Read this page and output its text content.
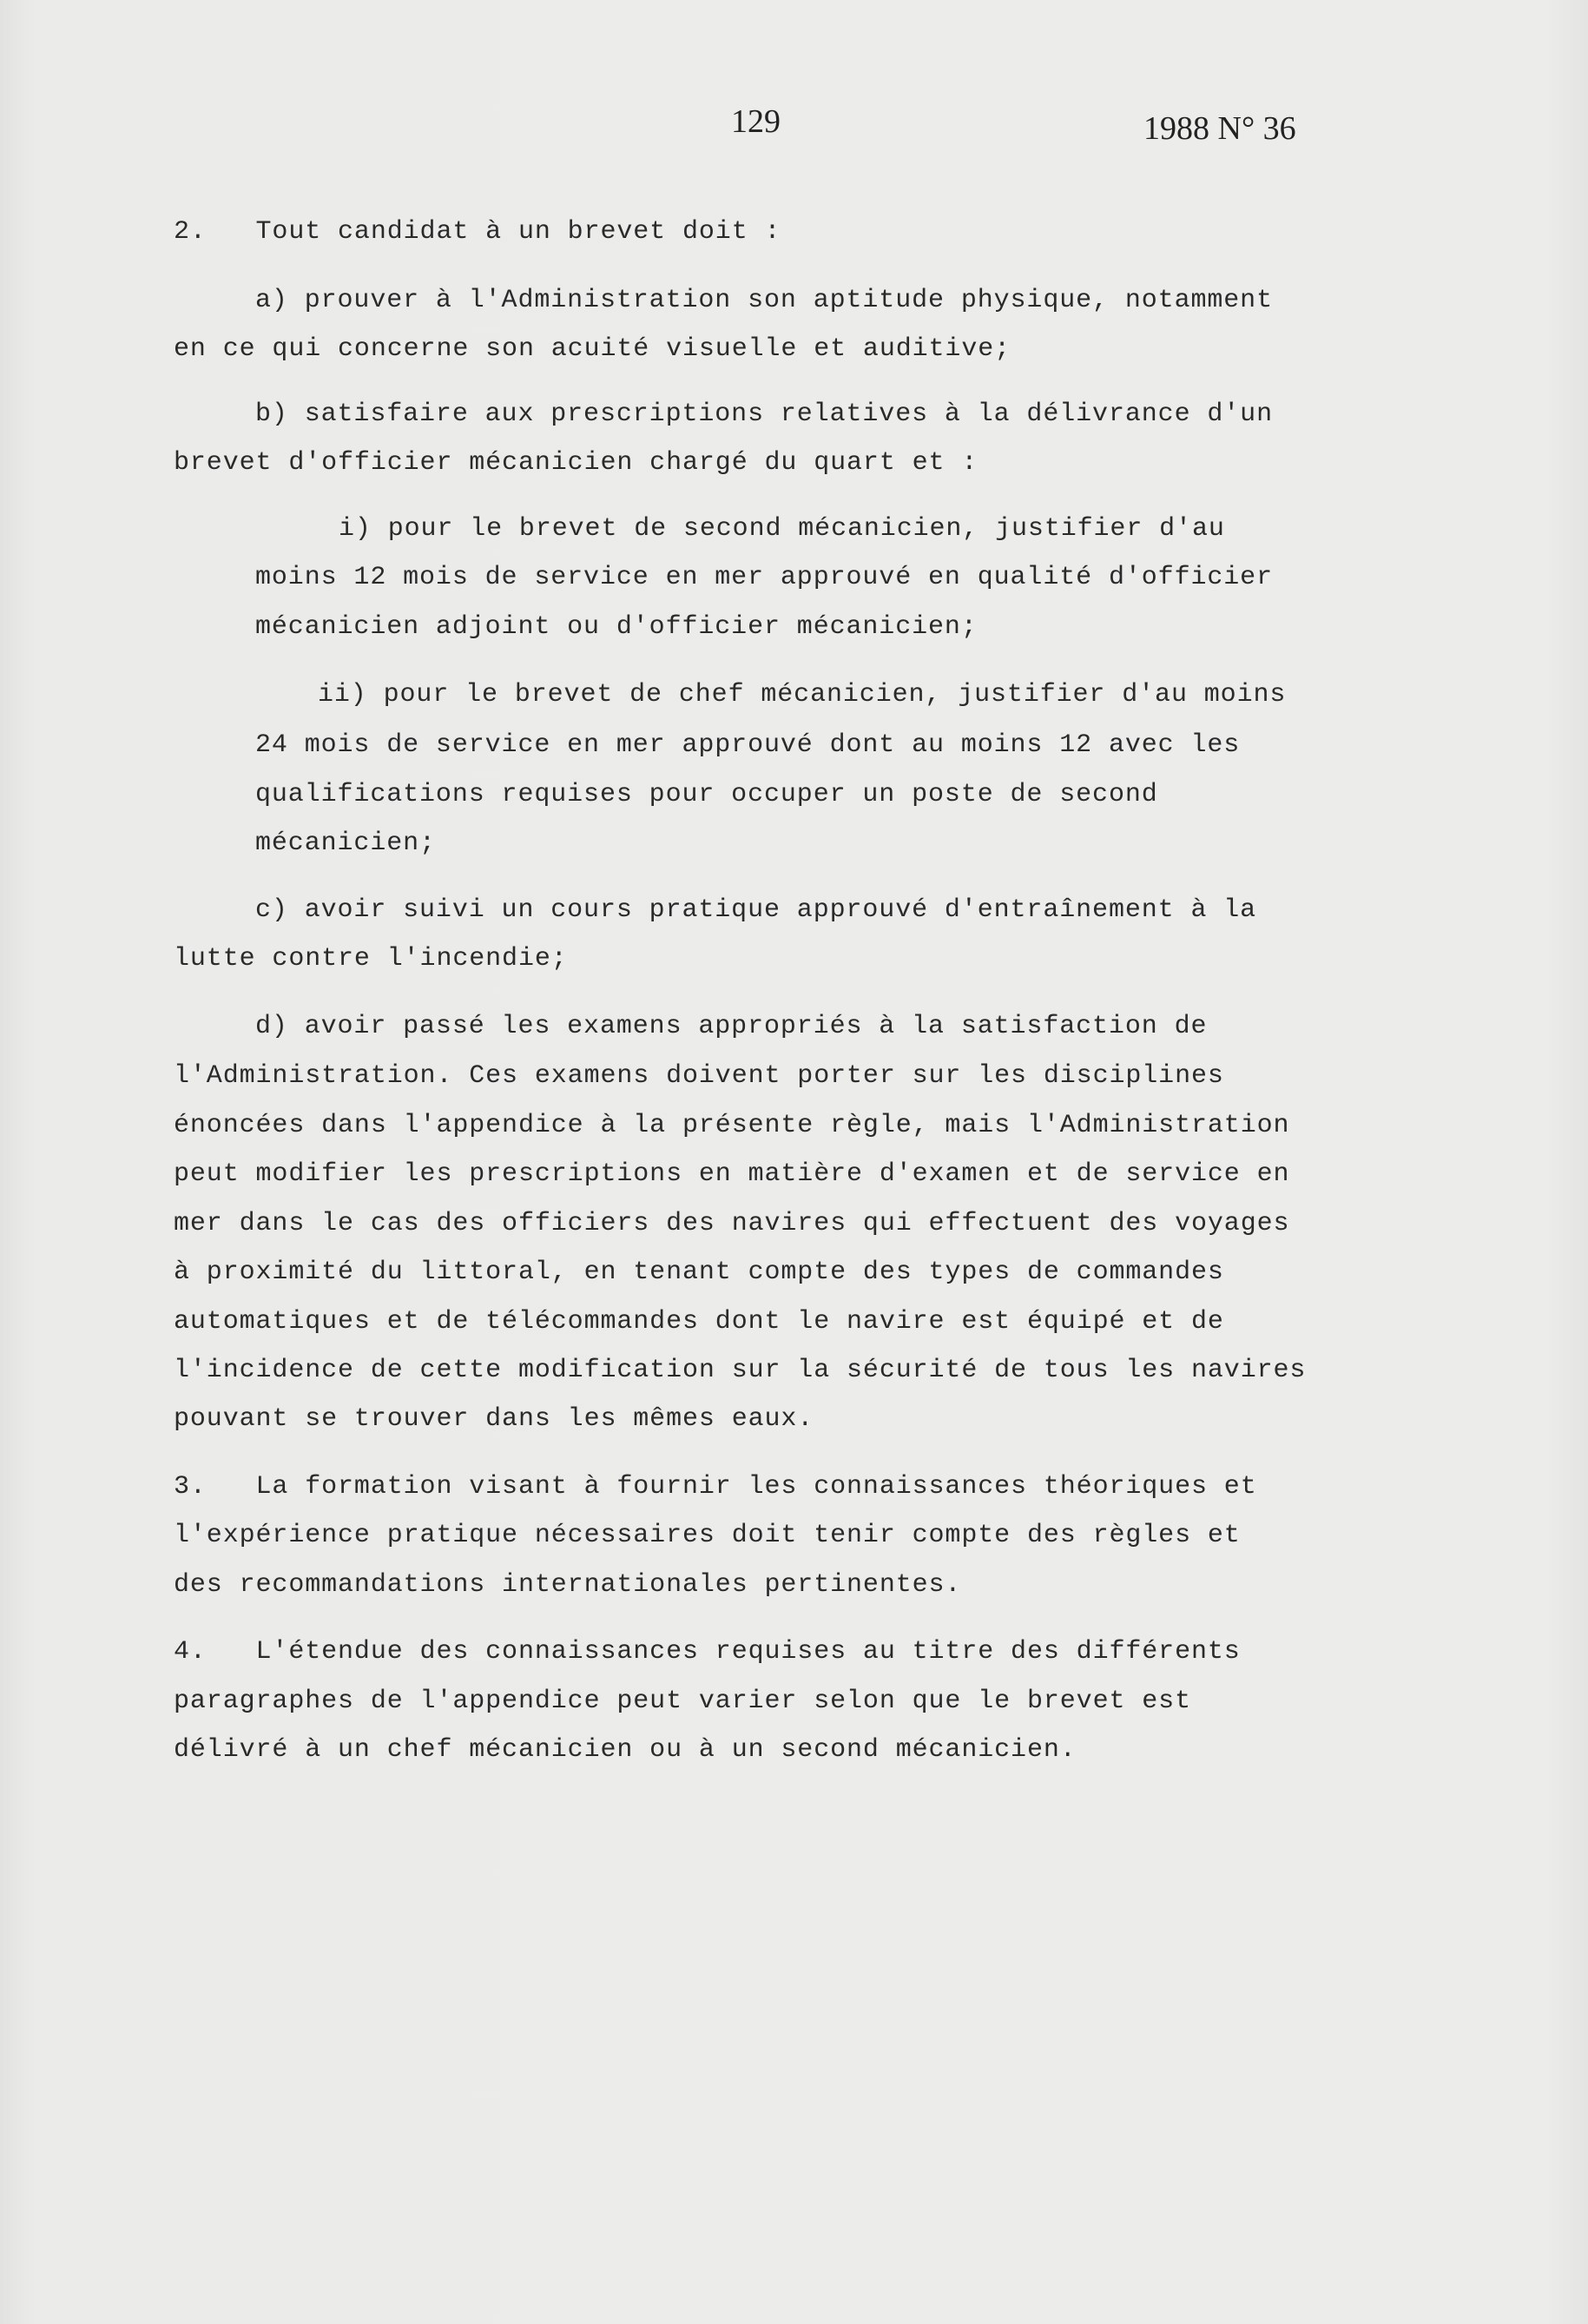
129	1988 N° 36
2.   Tout candidat à un brevet doit :
a) prouver à l'Administration son aptitude physique, notamment
en ce qui concerne son acuité visuelle et auditive;
b) satisfaire aux prescriptions relatives à la délivrance d'un
brevet d'officier mécanicien chargé du quart et :
i) pour le brevet de second mécanicien, justifier d'au
moins 12 mois de service en mer approuvé en qualité d'officier
mécanicien adjoint ou d'officier mécanicien;
ii) pour le brevet de chef mécanicien, justifier d'au moins
24 mois de service en mer approuvé dont au moins 12 avec les
qualifications requises pour occuper un poste de second
mécanicien;
c) avoir suivi un cours pratique approuvé d'entraînement à la
lutte contre l'incendie;
d) avoir passé les examens appropriés à la satisfaction de
l'Administration. Ces examens doivent porter sur les disciplines
énoncées dans l'appendice à la présente règle, mais l'Administration
peut modifier les prescriptions en matière d'examen et de service en
mer dans le cas des officiers des navires qui effectuent des voyages
à proximité du littoral, en tenant compte des types de commandes
automatiques et de télécommandes dont le navire est équipé et de
l'incidence de cette modification sur la sécurité de tous les navires
pouvant se trouver dans les mêmes eaux.
3.   La formation visant à fournir les connaissances théoriques et
l'expérience pratique nécessaires doit tenir compte des règles et
des recommandations internationales pertinentes.
4.   L'étendue des connaissances requises au titre des différents
paragraphes de l'appendice peut varier selon que le brevet est
délivré à un chef mécanicien ou à un second mécanicien.
